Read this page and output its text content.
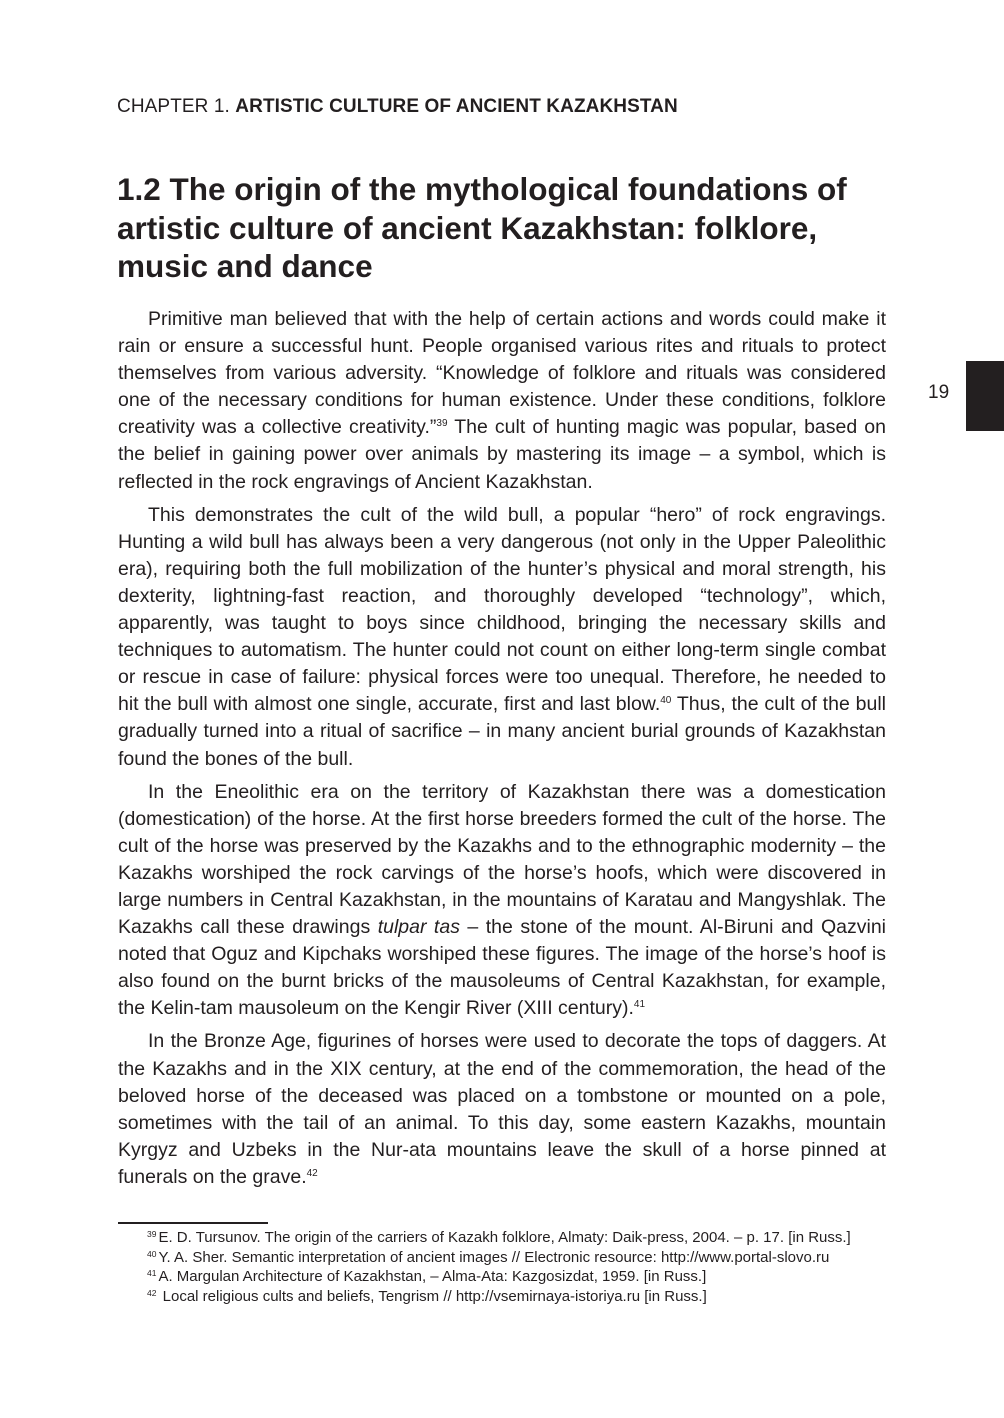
CHAPTER 1. ARTISTIC CULTURE OF ANCIENT KAZAKHSTAN
1.2 The origin of the mythological foundations of artistic culture of ancient Kazakhstan: folklore, music and dance

Primitive man believed that with the help of certain actions and words could make it rain or ensure a successful hunt. People organised various rites and rituals to protect themselves from various adversity. “Knowledge of folklore and rituals was considered one of the necessary conditions for human existence. Under these conditions, folklore creativity was a collective creativity.”$^{39}$ The cult of hunting magic was popular, based on the belief in gaining power over animals by mastering its image – a symbol, which is reflected in the rock engravings of Ancient Kazakhstan.

This demonstrates the cult of the wild bull, a popular “hero” of rock engravings. Hunting a wild bull has always been a very dangerous (not only in the Upper Paleolithic era), requiring both the full mobilization of the hunter’s physical and moral strength, his dexterity, lightning-fast reaction, and thoroughly developed “technology”, which, apparently, was taught to boys since childhood, bringing the necessary skills and techniques to automatism. The hunter could not count on either long-term single combat or rescue in case of failure: physical forces were too unequal. Therefore, he needed to hit the bull with almost one single, accurate, first and last blow.$^{40}$ Thus, the cult of the bull gradually turned into a ritual of sacrifice – in many ancient burial grounds of Kazakhstan found the bones of the bull.

In the Eneolithic era on the territory of Kazakhstan there was a domestication (domestication) of the horse. At the first horse breeders formed the cult of the horse. The cult of the horse was preserved by the Kazakhs and to the ethnographic modernity – the Kazakhs worshiped the rock carvings of the horse’s hoofs, which were discovered in large numbers in Central Kazakhstan, in the mountains of Karatau and Mangyshlak. The Kazakhs call these drawings tulpar tas – the stone of the mount. Al-Biruni and Qazvini noted that Oguz and Kipchaks worshiped these figures. The image of the horse’s hoof is also found on the burnt bricks of the mausoleums of Central Kazakhstan, for example, the Kelin-tam mausoleum on the Kengir River (XIII century).$^{41}$

In the Bronze Age, figurines of horses were used to decorate the tops of daggers. At the Kazakhs and in the XIX century, at the end of the commemoration, the head of the beloved horse of the deceased was placed on a tombstone or mounted on a pole, sometimes with the tail of an animal. To this day, some eastern Kazakhs, mountain Kyrgyz and Uzbeks in the Nur-ata mountains leave the skull of a horse pinned at funerals on the grave.$^{42}$

$^{39}$ E. D. Tursunov. The origin of the carriers of Kazakh folklore, Almaty: Daik-press, 2004. – p. 17. [in Russ.]
$^{40}$ Y. A. Sher. Semantic interpretation of ancient images // Electronic resource: http://www.portal-slovo.ru
$^{41}$ A. Margulan Architecture of Kazakhstan, – Alma-Ata: Kazgosizdat, 1959. [in Russ.]
$^{42}$ Local religious cults and beliefs, Tengrism // http://vsemirnaya-istoriya.ru [in Russ.]
19
